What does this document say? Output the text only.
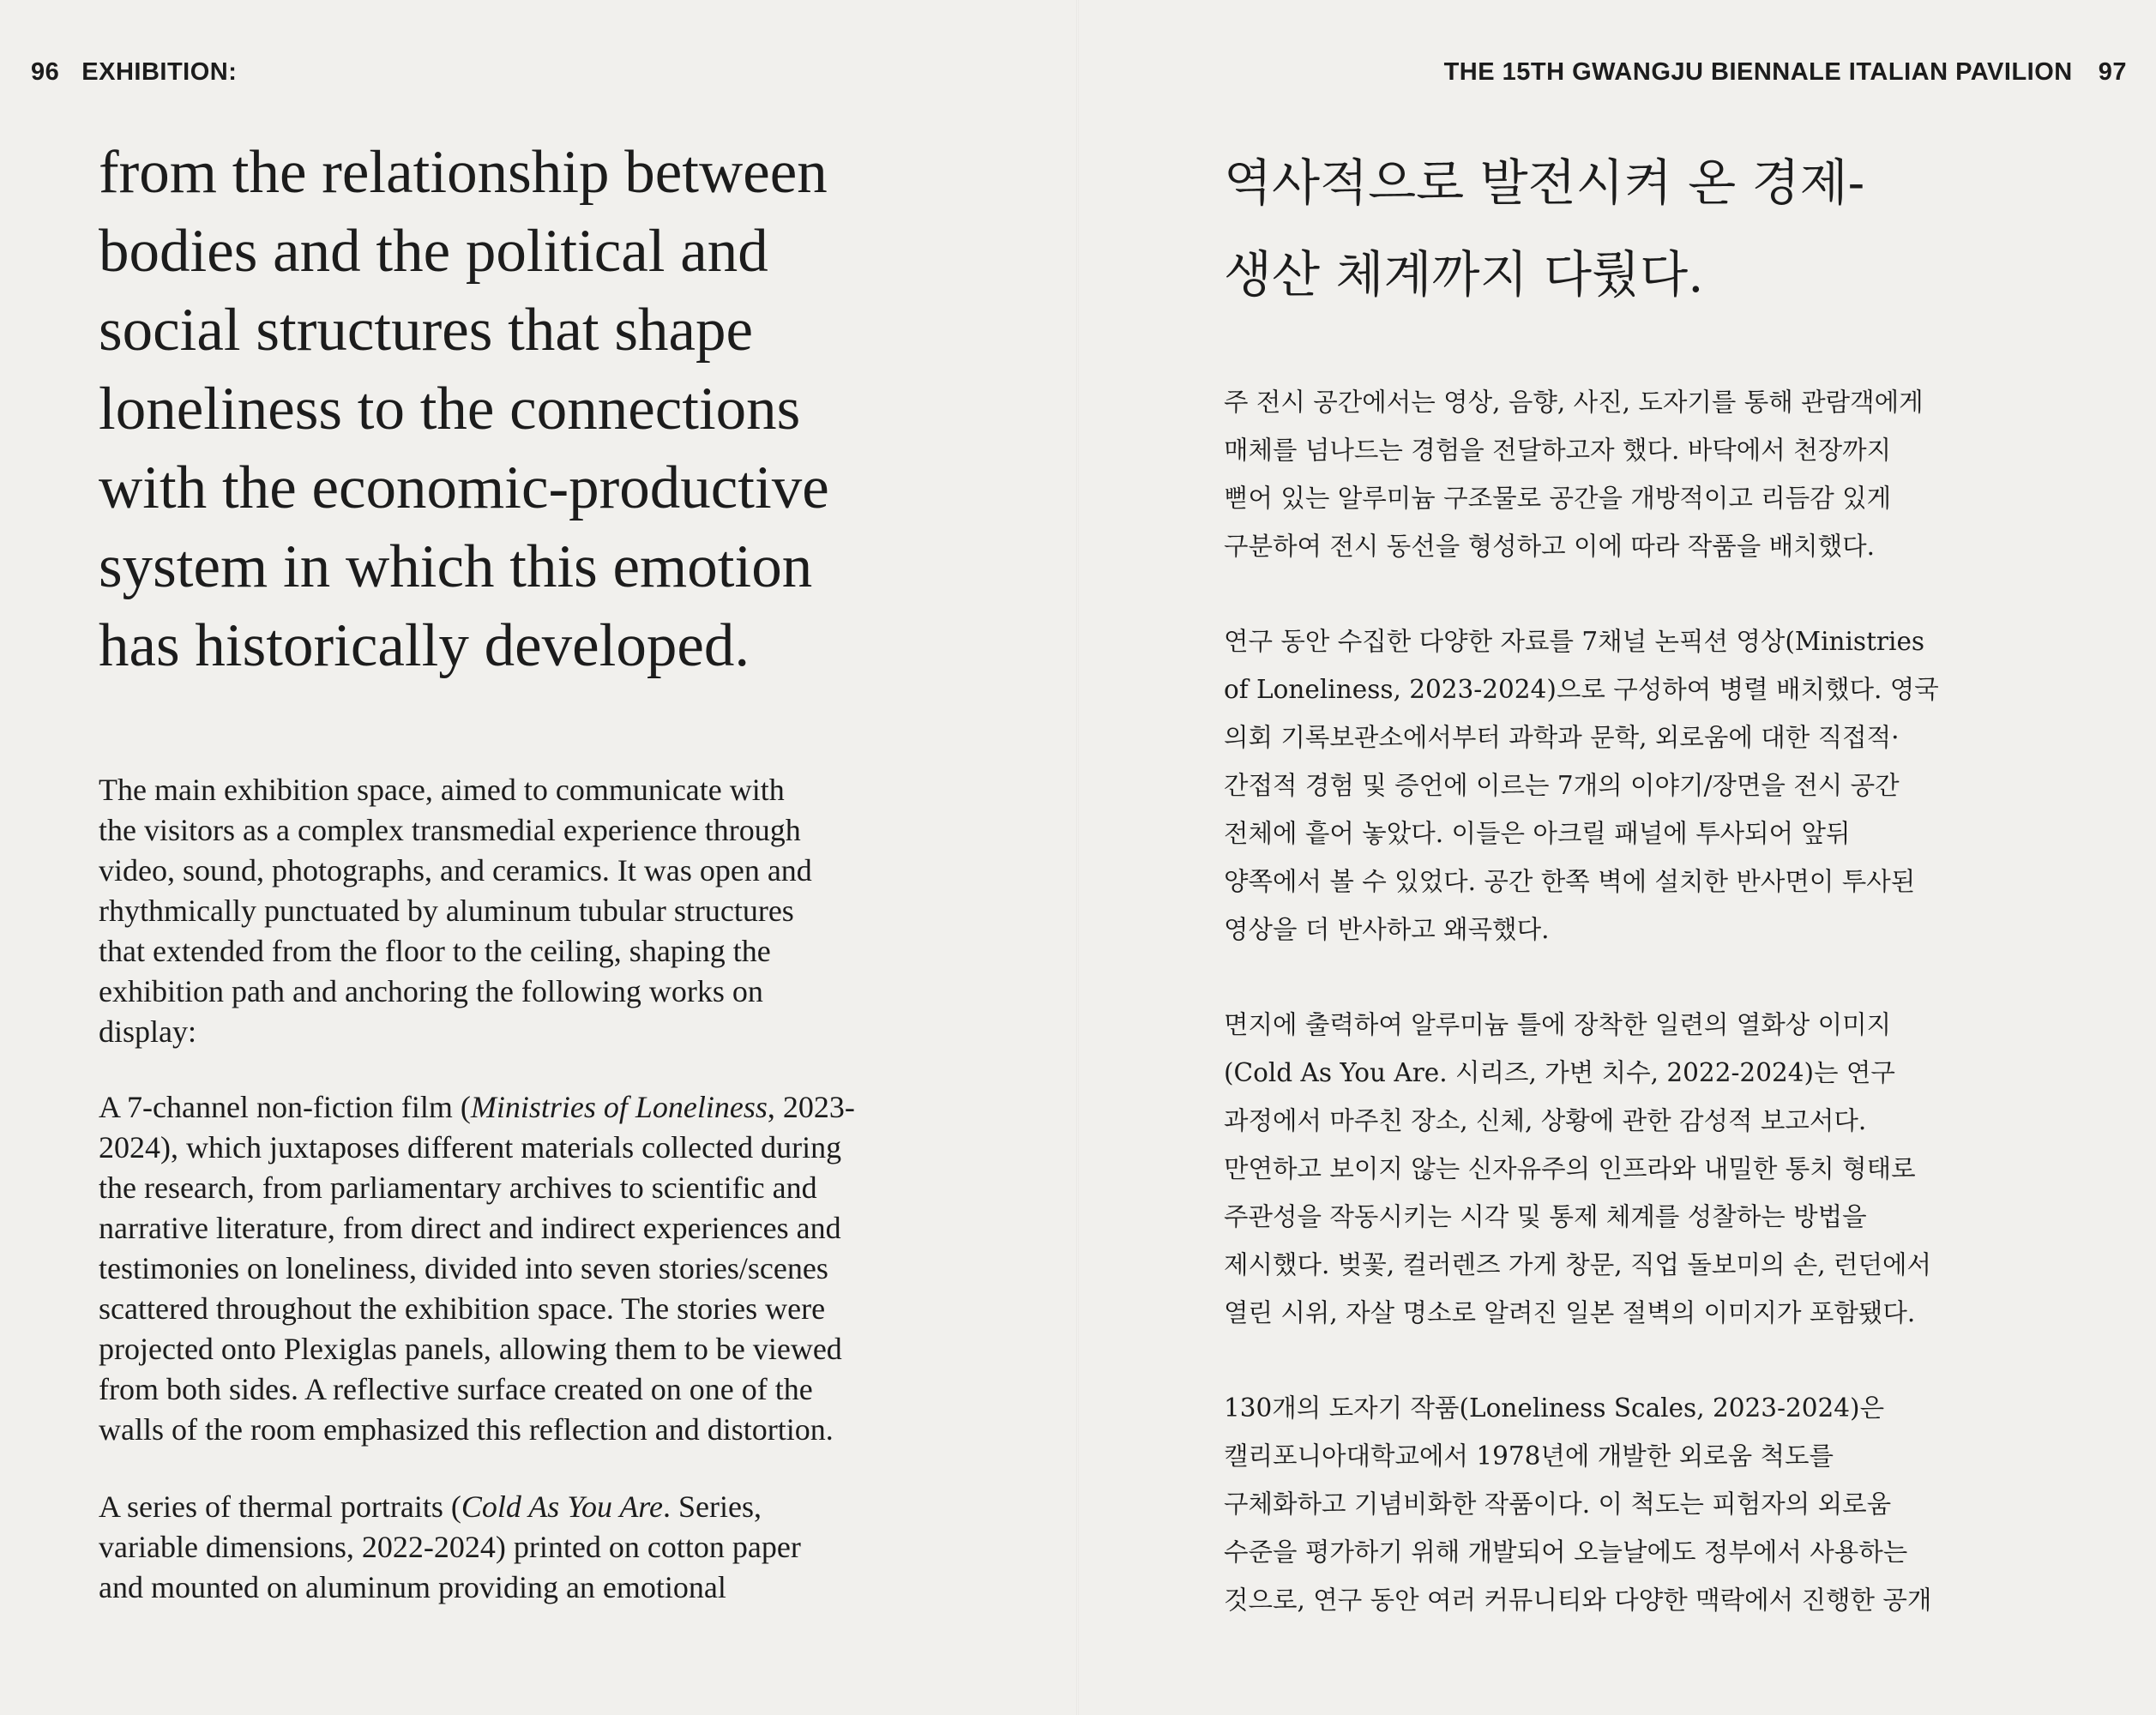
96 EXHIBITION:

from the relationship between
bodies and the political and
social structures that shape
loneliness to the connections
with the economic-productive
system in which this emotion
has historically developed.

The main exhibition space, aimed to communicate with
the visitors as a complex transmedial experience through
video, sound, photographs, and ceramics. It was open and
rhythmically punctuated by aluminum tubular structures
that extended from the floor to the ceiling, shaping the
exhibition path and anchoring the following works on
display:

A 7-channel non-fiction film (Ministries of Loneliness, 2023-
2024), which juxtaposes different materials collected during
the research, from parliamentary archives to scientific and
narrative literature, from direct and indirect experiences and
testimonies on loneliness, divided into seven stories/scenes
scattered throughout the exhibition space. The stories were
projected onto Plexiglas panels, allowing them to be viewed
from both sides. A reflective surface created on one of the
walls of the room emphasized this reflection and distortion.

A series of thermal portraits (Cold As You Are. Series,
variable dimensions, 2022-2024) printed on cotton paper
and mounted on aluminum providing an emotional

THE 15TH GWANGJU BIENNALE ITALIAN PAVILION 97

역사적으로 발전시켜 온 경제-
생산 체계까지 다뤘다.

주 전시 공간에서는 영상, 음향, 사진, 도자기를 통해 관람객에게
매체를 넘나드는 경험을 전달하고자 했다. 바닥에서 천장까지
뻗어 있는 알루미늄 구조물로 공간을 개방적이고 리듬감 있게
구분하여 전시 동선을 형성하고 이에 따라 작품을 배치했다.

연구 동안 수집한 다양한 자료를 7채널 논픽션 영상(Ministries
of Loneliness, 2023-2024)으로 구성하여 병렬 배치했다. 영국
의회 기록보관소에서부터 과학과 문학, 외로움에 대한 직접적·
간접적 경험 및 증언에 이르는 7개의 이야기/장면을 전시 공간
전체에 흩어 놓았다. 이들은 아크릴 패널에 투사되어 앞뒤
양쪽에서 볼 수 있었다. 공간 한쪽 벽에 설치한 반사면이 투사된
영상을 더 반사하고 왜곡했다.

면지에 출력하여 알루미늄 틀에 장착한 일련의 열화상 이미지
(Cold As You Are. 시리즈, 가변 치수, 2022-2024)는 연구
과정에서 마주친 장소, 신체, 상황에 관한 감성적 보고서다.
만연하고 보이지 않는 신자유주의 인프라와 내밀한 통치 형태로
주관성을 작동시키는 시각 및 통제 체계를 성찰하는 방법을
제시했다. 벚꽃, 컬러렌즈 가게 창문, 직업 돌보미의 손, 런던에서
열린 시위, 자살 명소로 알려진 일본 절벽의 이미지가 포함됐다.

130개의 도자기 작품(Loneliness Scales, 2023-2024)은
캘리포니아대학교에서 1978년에 개발한 외로움 척도를
구체화하고 기념비화한 작품이다. 이 척도는 피험자의 외로움
수준을 평가하기 위해 개발되어 오늘날에도 정부에서 사용하는
것으로, 연구 동안 여러 커뮤니티와 다양한 맥락에서 진행한 공개
